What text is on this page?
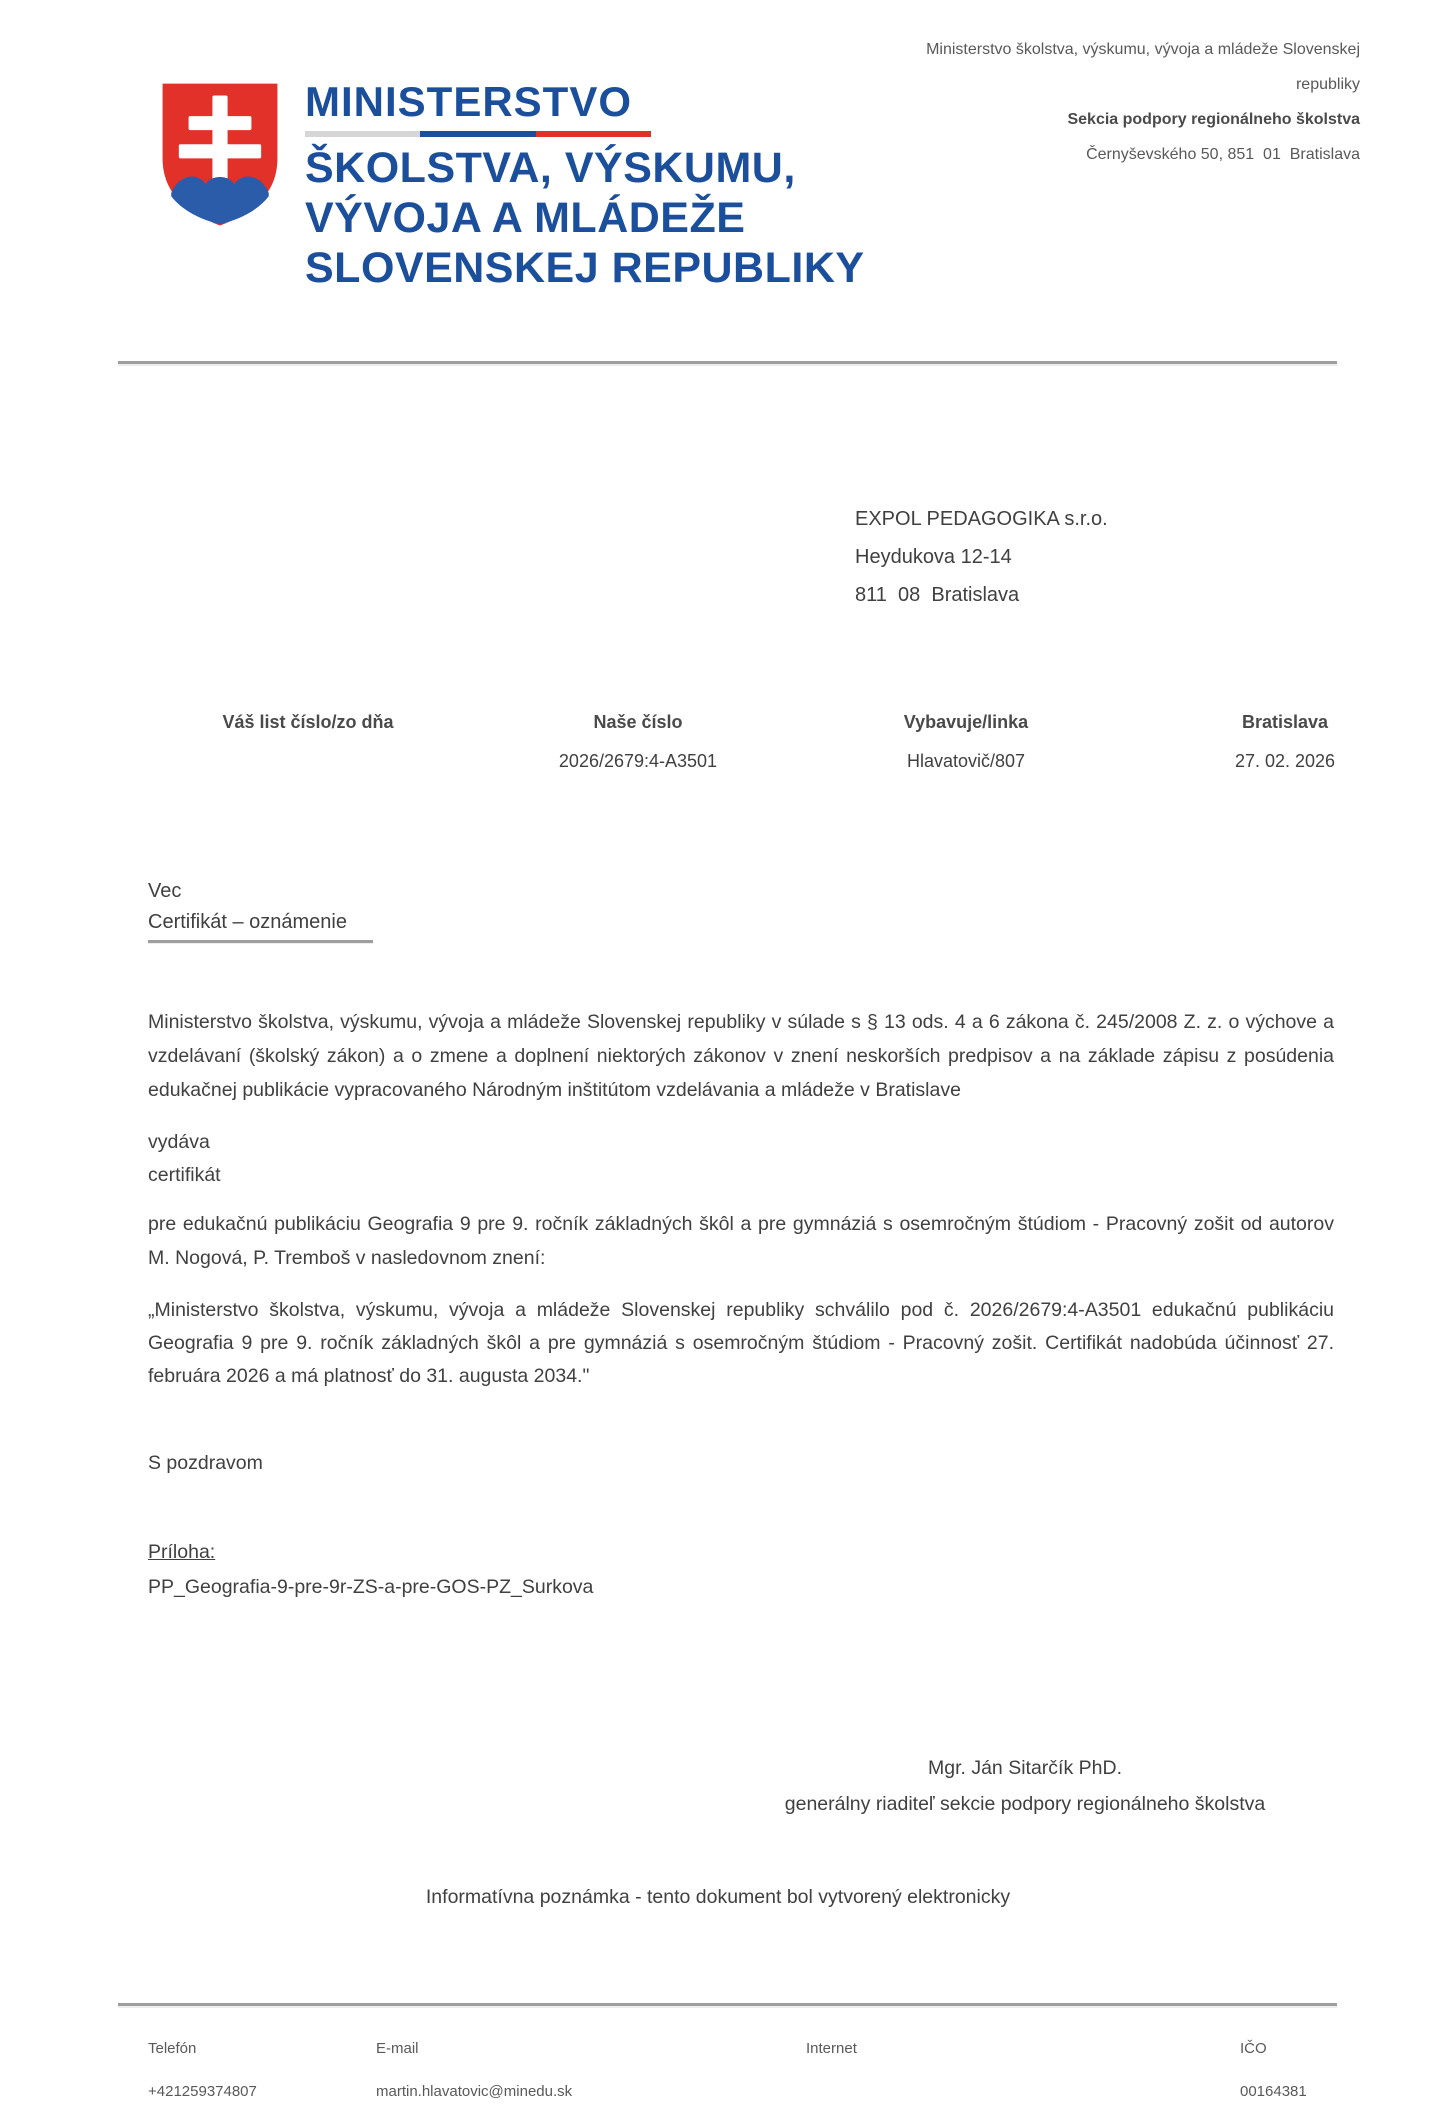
Ministerstvo školstva, výskumu, vývoja a mládeže Slovenskej
republiky
Sekcia podpory regionálneho školstva
Černyševského 50, 851  01  Bratislava
MINISTERSTVO
ŠKOLSTVA, VÝSKUMU,
VÝVOJA A MLÁDEŽE
SLOVENSKEJ REPUBLIKY
EXPOL PEDAGOGIKA s.r.o.
Heydukova 12-14
811  08  Bratislava
Váš list číslo/zo dňa	Naše číslo
2026/2679:4-A3501
Vybavuje/linka
Hlavatovič/807
Bratislava
27. 02. 2026
Vec
Certifikát – oznámenie
Ministerstvo školstva, výskumu, vývoja a mládeže Slovenskej republiky v súlade s § 13 ods. 4 a 6 zákona č. 245/2008 Z. z. o výchove a vzdelávaní (školský zákon) a o zmene a doplnení niektorých zákonov v znení neskorších predpisov a na základe zápisu z posúdenia edukačnej publikácie vypracovaného Národným inštitútom vzdelávania a mládeže v Bratislave
vydáva
certifikát
pre edukačnú publikáciu Geografia 9 pre 9. ročník základných škôl a pre gymnáziá s osemročným štúdiom - Pracovný zošit od autorov M. Nogová, P. Tremboš v nasledovnom znení:
„Ministerstvo školstva, výskumu, vývoja a mládeže Slovenskej republiky schválilo pod č. 2026/2679:4-A3501 edukačnú publikáciu Geografia 9 pre 9. ročník základných škôl a pre gymnáziá s osemročným štúdiom - Pracovný zošit. Certifikát nadobúda účinnosť 27. februára 2026 a má platnosť do 31. augusta 2034."
S pozdravom
Príloha:
PP_Geografia-9-pre-9r-ZS-a-pre-GOS-PZ_Surkova
Mgr. Ján Sitarčík PhD.
generálny riaditeľ sekcie podpory regionálneho školstva
Informatívna poznámka - tento dokument bol vytvorený elektronicky
Telefón
+421259374807
E-mail
martin.hlavatovic@minedu.sk
Internet	IČO
00164381
